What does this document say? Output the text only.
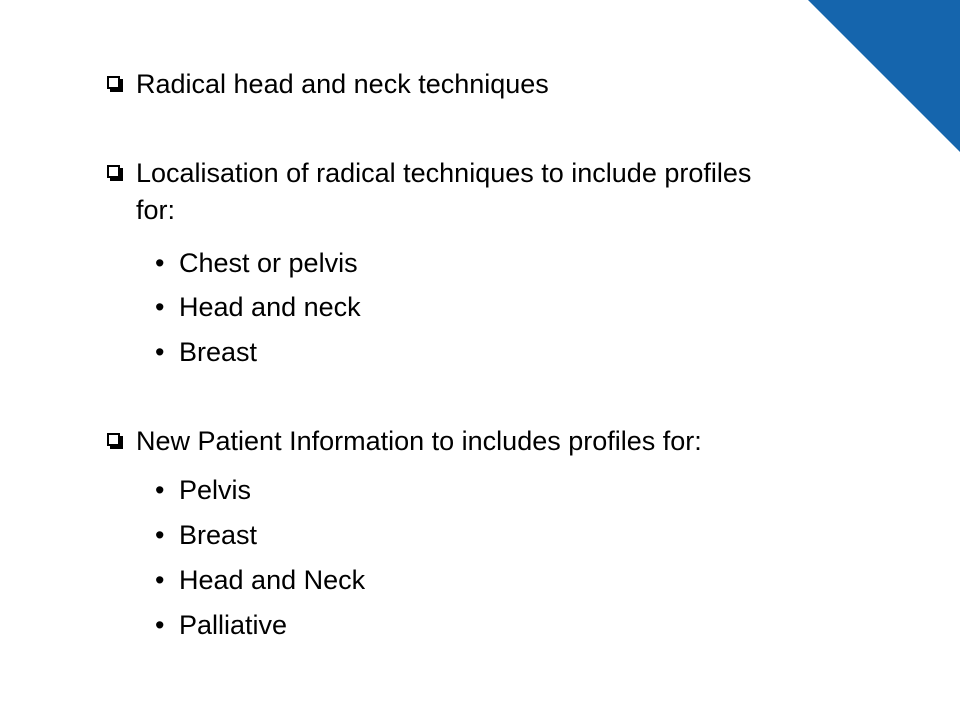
Radical head and neck techniques
Localisation of radical techniques to include profiles
for:
• Chest or pelvis
• Head and neck
• Breast
New Patient Information to includes profiles for:
• Pelvis
• Breast
• Head and Neck
• Palliative
